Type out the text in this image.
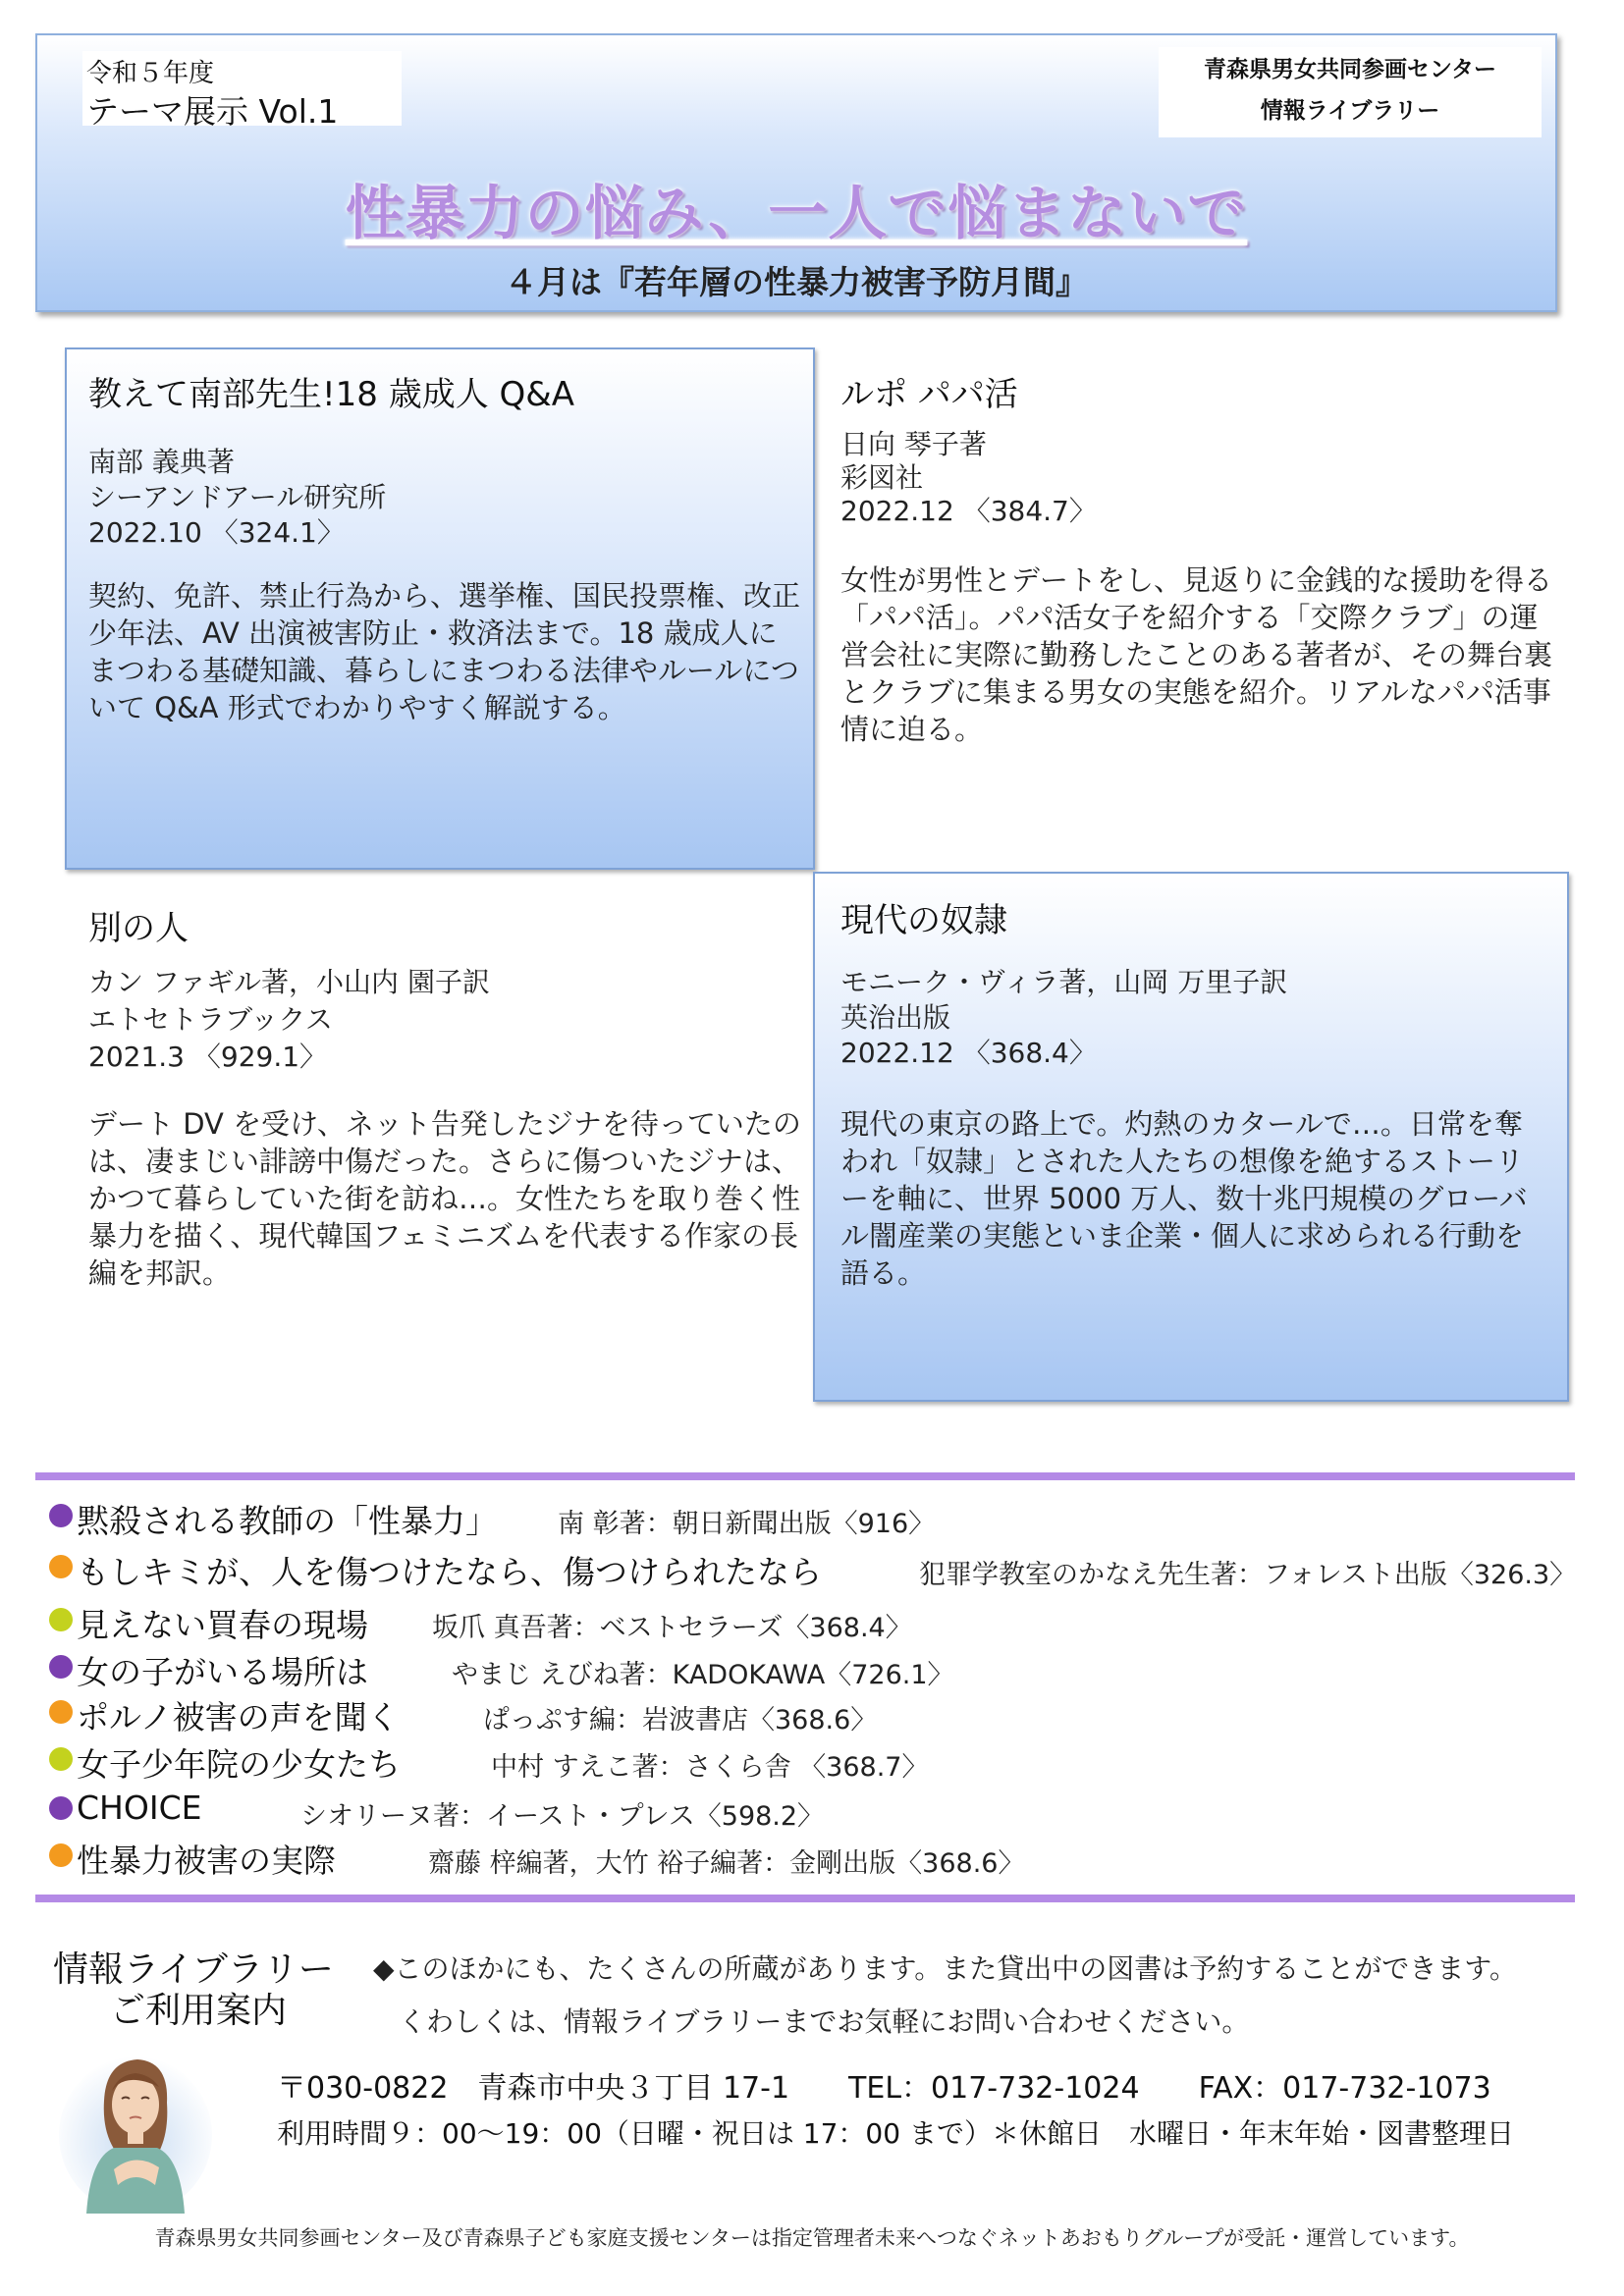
令和５年度
テーマ展示 Vol.1
青森県男女共同参画センター
情報ライブラリー
性暴力の悩み、一人で悩まないで
４月は『若年層の性暴力被害予防月間』
教えて南部先生!18 歳成人 Q&A
南部 義典著
シーアンドアール研究所
2022.10 〈324.1〉
契約、免許、禁止行為から、選挙権、国民投票権、改正少年法、AV 出演被害防止・救済法まで。18 歳成人にまつわる基礎知識、暮らしにまつわる法律やルールについて Q&A 形式でわかりやすく解説する。
ルポ パパ活
日向 琴子著
彩図社
2022.12 〈384.7〉
女性が男性とデートをし、見返りに金銭的な援助を得る「パパ活」。パパ活女子を紹介する「交際クラブ」の運営会社に実際に勤務したことのある著者が、その舞台裏とクラブに集まる男女の実態を紹介。リアルなパパ活事情に迫る。
別の人
カン ファギル著，小山内 園子訳
エトセトラブックス
2021.3 〈929.1〉
デート DV を受け、ネット告発したジナを待っていたのは、凄まじい誹謗中傷だった。さらに傷ついたジナは、かつて暮らしていた街を訪ね…。女性たちを取り巻く性暴力を描く、現代韓国フェミニズムを代表する作家の長編を邦訳。
現代の奴隷
モニーク・ヴィラ著，山岡 万里子訳
英治出版
2022.12 〈368.4〉
現代の東京の路上で。灼熱のカタールで…。日常を奪われ「奴隷」とされた人たちの想像を絶するストーリーを軸に、世界 5000 万人、数十兆円規模のグローバル闇産業の実態といま企業・個人に求められる行動を語る。
黙殺される教師の「性暴力」 南 彰著：朝日新聞出版〈916〉
もしキミが、人を傷つけたなら、傷つけられたなら	犯罪学教室のかなえ先生著：フォレスト出版〈326.3〉
見えない買春の現場 坂爪 真吾著：ベストセラーズ〈368.4〉
女の子がいる場所は	やまじ えびね著：KADOKAWA〈726.1〉
ポルノ被害の声を聞く	ぱっぷす編：岩波書店〈368.6〉
女子少年院の少女たち	中村 すえこ著：さくら舎 〈368.7〉
CHOICE	シオリーヌ著：イースト・プレス〈598.2〉
性暴力被害の実際	齋藤 梓編著，大竹 裕子編著：金剛出版〈368.6〉
情報ライブラリー
ご利用案内
◆このほかにも、たくさんの所蔵があります。また貸出中の図書は予約することができます。
くわしくは、情報ライブラリーまでお気軽にお問い合わせください。
〒030-0822　青森市中央３丁目 17-1　　TEL：017-732-1024　　FAX：017-732-1073
利用時間９：00～19：00（日曜・祝日は 17：00 まで）＊休館日　水曜日・年末年始・図書整理日
青森県男女共同参画センター及び青森県子ども家庭支援センターは指定管理者未来へつなぐネットあおもりグループが受託・運営しています。
